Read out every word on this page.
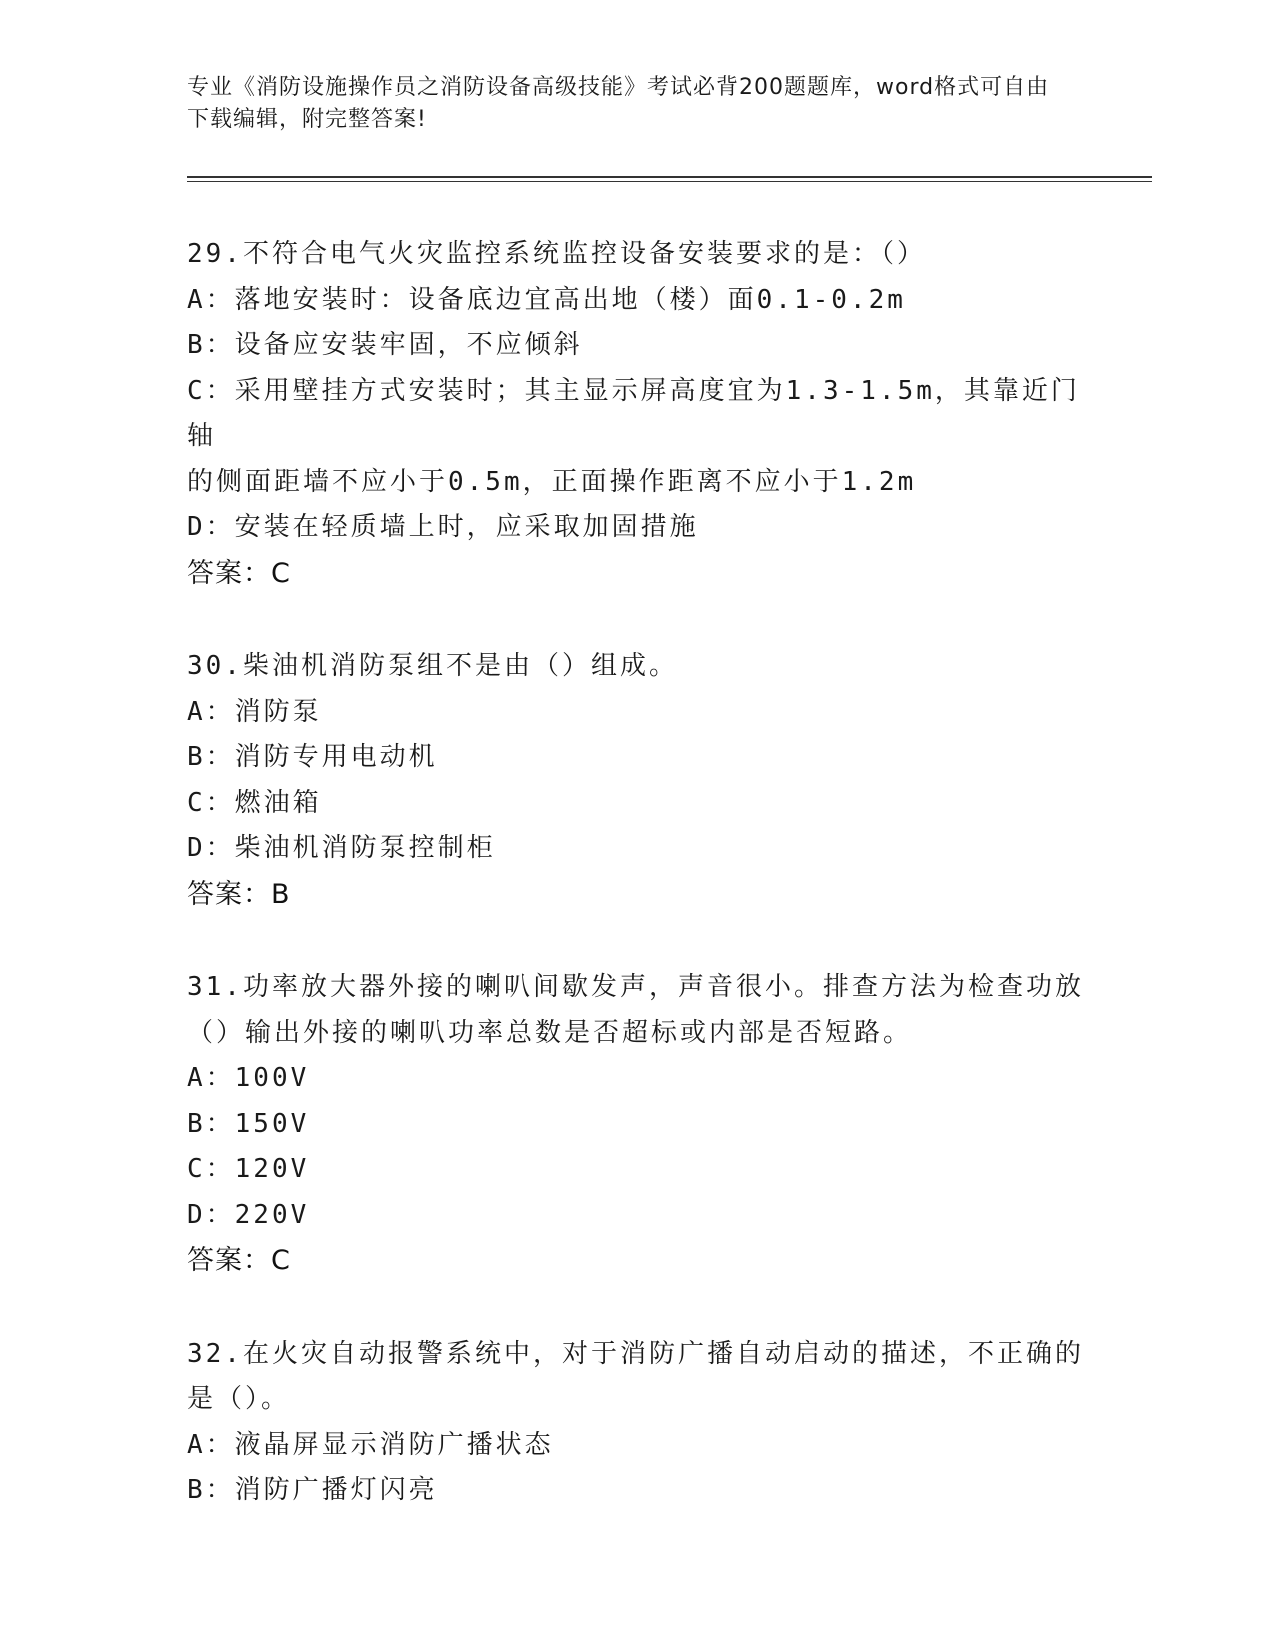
专业《消防设施操作员之消防设备高级技能》考试必背200题题库，word格式可自由下载编辑，附完整答案!
29.不符合电气火灾监控系统监控设备安装要求的是：（）
A：落地安装时：设备底边宜高出地（楼）面0.1-0.2m
B：设备应安装牢固，不应倾斜
C：采用壁挂方式安装时；其主显示屏高度宜为1.3-1.5m，其靠近门轴
的侧面距墙不应小于0.5m，正面操作距离不应小于1.2m
D：安装在轻质墙上时，应采取加固措施
答案：C
30.柴油机消防泵组不是由（）组成。
A：消防泵
B：消防专用电动机
C：燃油箱
D：柴油机消防泵控制柜
答案：B
31.功率放大器外接的喇叭间歇发声，声音很小。排查方法为检查功放
（）输出外接的喇叭功率总数是否超标或内部是否短路。
A：100V
B：150V
C：120V
D：220V
答案：C
32.在火灾自动报警系统中，对于消防广播自动启动的描述，不正确的
是（）。
A：液晶屏显示消防广播状态
B：消防广播灯闪亮
